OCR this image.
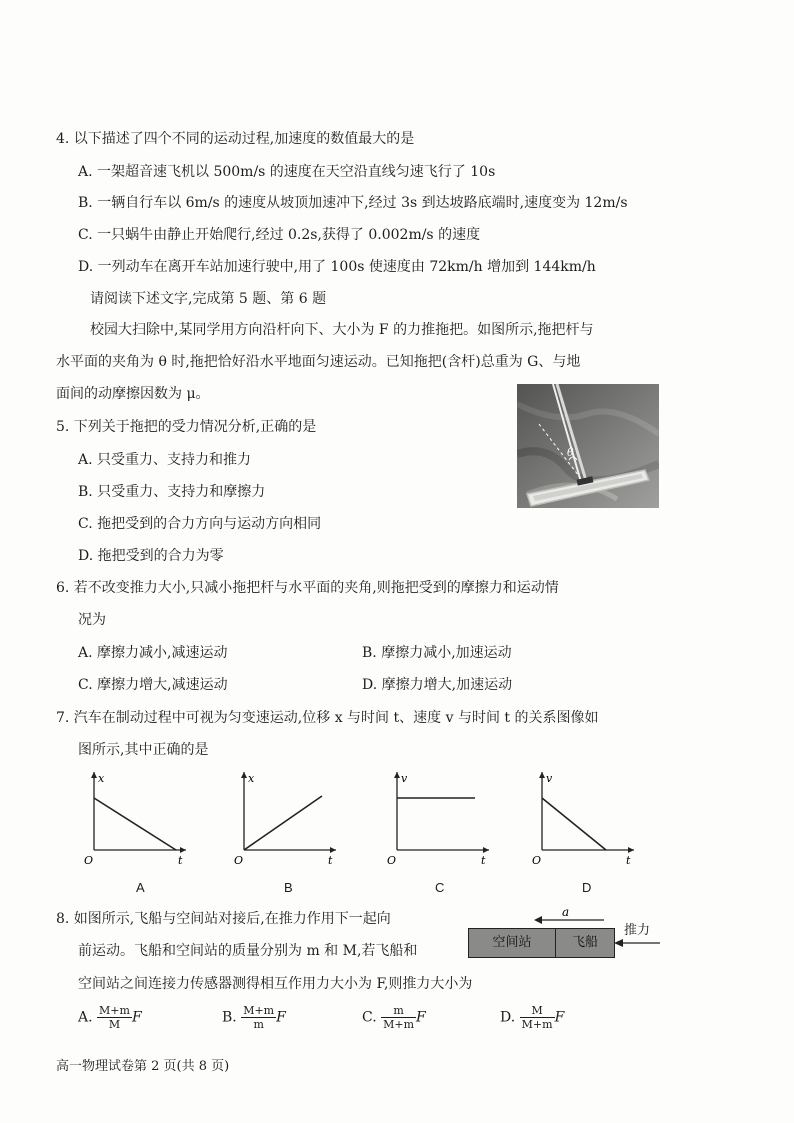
4. 以下描述了四个不同的运动过程,加速度的数值最大的是
A. 一架超音速飞机以 500m/s 的速度在天空沿直线匀速飞行了 10s
B. 一辆自行车以 6m/s 的速度从坡顶加速冲下,经过 3s 到达坡路底端时,速度变为 12m/s
C. 一只蜗牛由静止开始爬行,经过 0.2s,获得了 0.002m/s 的速度
D. 一列动车在离开车站加速行驶中,用了 100s 使速度由 72km/h 增加到 144km/h
请阅读下述文字,完成第 5 题、第 6 题
校园大扫除中,某同学用方向沿杆向下、大小为 F 的力推拖把。如图所示,拖把杆与
水平面的夹角为 θ 时,拖把恰好沿水平地面匀速运动。已知拖把(含杆)总重为 G、与地
面间的动摩擦因数为 μ。
θ
5. 下列关于拖把的受力情况分析,正确的是
A. 只受重力、支持力和推力
B. 只受重力、支持力和摩擦力
C. 拖把受到的合力方向与运动方向相同
D. 拖把受到的合力为零
6. 若不改变推力大小,只减小拖把杆与水平面的夹角,则拖把受到的摩擦力和运动情
况为
A. 摩擦力减小,减速运动	B. 摩擦力减小,加速运动
C. 摩擦力增大,减速运动	D. 摩擦力增大,加速运动
7. 汽车在制动过程中可视为匀变速运动,位移 x 与时间 t、速度 v 与时间 t 的关系图像如
图所示,其中正确的是
x
t
O
A
x
t
O
B
v
t
O
C
v
t
O
D
8. 如图所示,飞船与空间站对接后,在推力作用下一起向
前运动。飞船和空间站的质量分别为 m 和 M,若飞船和
空间站之间连接力传感器测得相互作用力大小为 F,则推力大小为
a
空间站	飞船
推力
A. $\frac{M+m}{M}$ F	B. $\frac{M+m}{m}$ F	C. $\frac{m}{M+m}$ F	D. $\frac{M}{M+m}$ F
高一物理试卷第 2 页(共 8 页)
